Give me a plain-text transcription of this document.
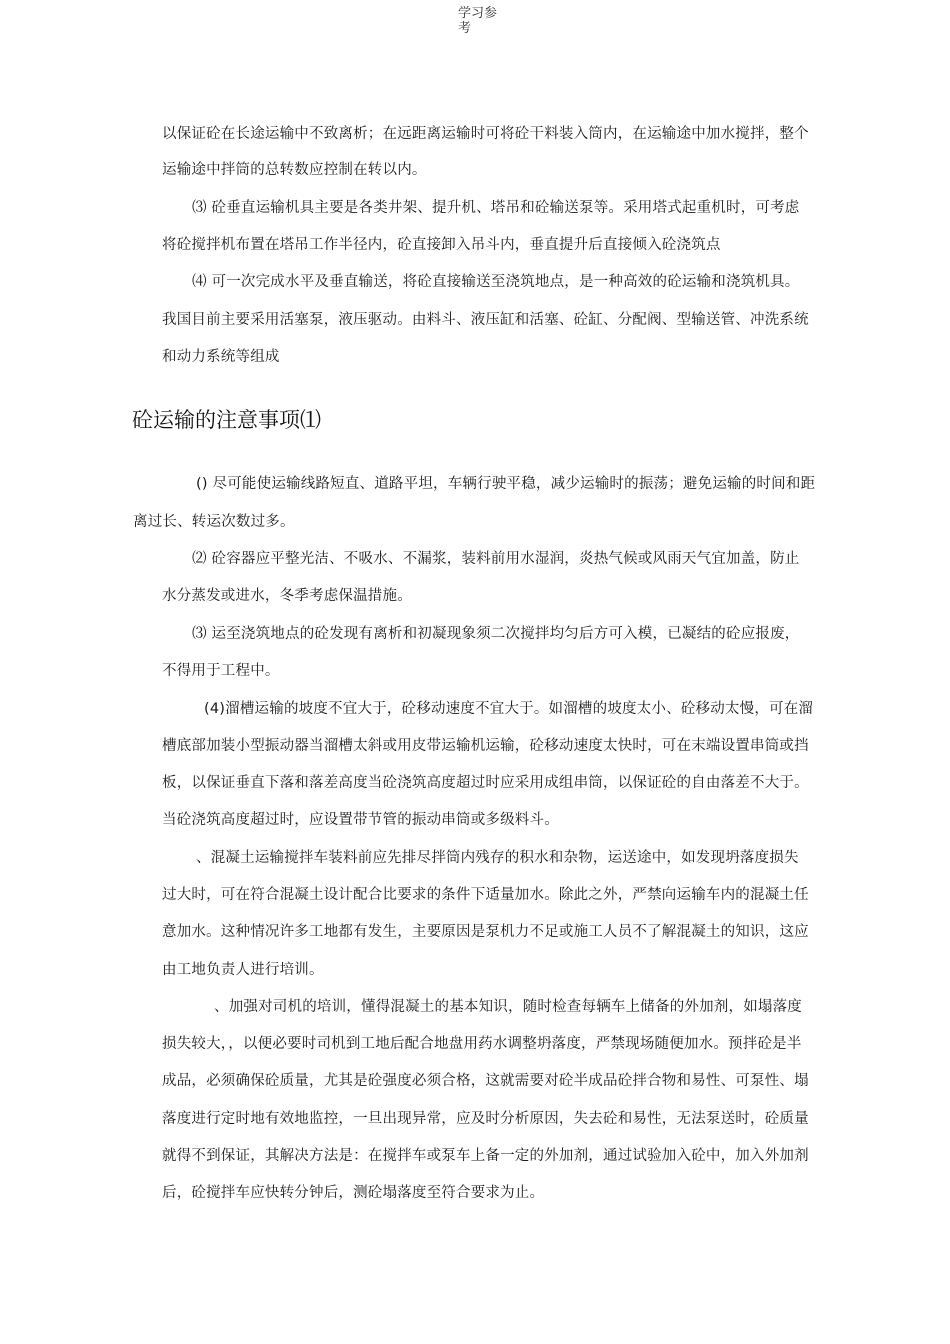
学习参
考
以保证砼在长途运输中不致离析；在远距离运输时可将砼干料装入筒内，在运输途中加水搅拌，整个
运输途中拌筒的总转数应控制在转以内。
⑶ 砼垂直运输机具主要是各类井架、提升机、塔吊和砼输送泵等。采用塔式起重机时，可考虑
将砼搅拌机布置在塔吊工作半径内，砼直接卸入吊斗内，垂直提升后直接倾入砼浇筑点
⑷ 可一次完成水平及垂直输送，将砼直接输送至浇筑地点，是一种高效的砼运输和浇筑机具。
我国目前主要采用活塞泵，液压驱动。由料斗、液压缸和活塞、砼缸、分配阀、型输送管、冲洗系统
和动力系统等组成
砼运输的注意事项⑴
() 尽可能使运输线路短直、道路平坦，车辆行驶平稳，减少运输时的振荡；避免运输的时间和距
离过长、转运次数过多。
⑵ 砼容器应平整光洁、不吸水、不漏浆，装料前用水湿润，炎热气候或风雨天气宜加盖，防止
水分蒸发或进水，冬季考虑保温措施。
⑶ 运至浇筑地点的砼发现有离析和初凝现象须二次搅拌均匀后方可入模，已凝结的砼应报废，
不得用于工程中。
(4)溜槽运输的坡度不宜大于，砼移动速度不宜大于。如溜槽的坡度太小、砼移动太慢，可在溜
槽底部加装小型振动器当溜槽太斜或用皮带运输机运输，砼移动速度太快时，可在末端设置串筒或挡
板，以保证垂直下落和落差高度当砼浇筑高度超过时应采用成组串筒，以保证砼的自由落差不大于。
当砼浇筑高度超过时，应设置带节管的振动串筒或多级料斗。
、混凝土运输搅拌车装料前应先排尽拌筒内残存的积水和杂物，运送途中，如发现坍落度损失
过大时，可在符合混凝土设计配合比要求的条件下适量加水。除此之外，严禁向运输车内的混凝土任
意加水。这种情况许多工地都有发生，主要原因是泵机力不足或施工人员不了解混凝土的知识，这应
由工地负责人进行培训。
、加强对司机的培训，懂得混凝土的基本知识，随时检查每辆车上储备的外加剂，如塌落度
损失较大，，以便必要时司机到工地后配合地盘用药水调整坍落度，严禁现场随便加水。预拌砼是半
成品，必须确保砼质量，尤其是砼强度必须合格，这就需要对砼半成品砼拌合物和易性、可泵性、塌
落度进行定时地有效地监控，一旦出现异常，应及时分析原因，失去砼和易性，无法泵送时，砼质量
就得不到保证，其解决方法是：在搅拌车或泵车上备一定的外加剂，通过试验加入砼中，加入外加剂
后，砼搅拌车应快转分钟后，测砼塌落度至符合要求为止。
